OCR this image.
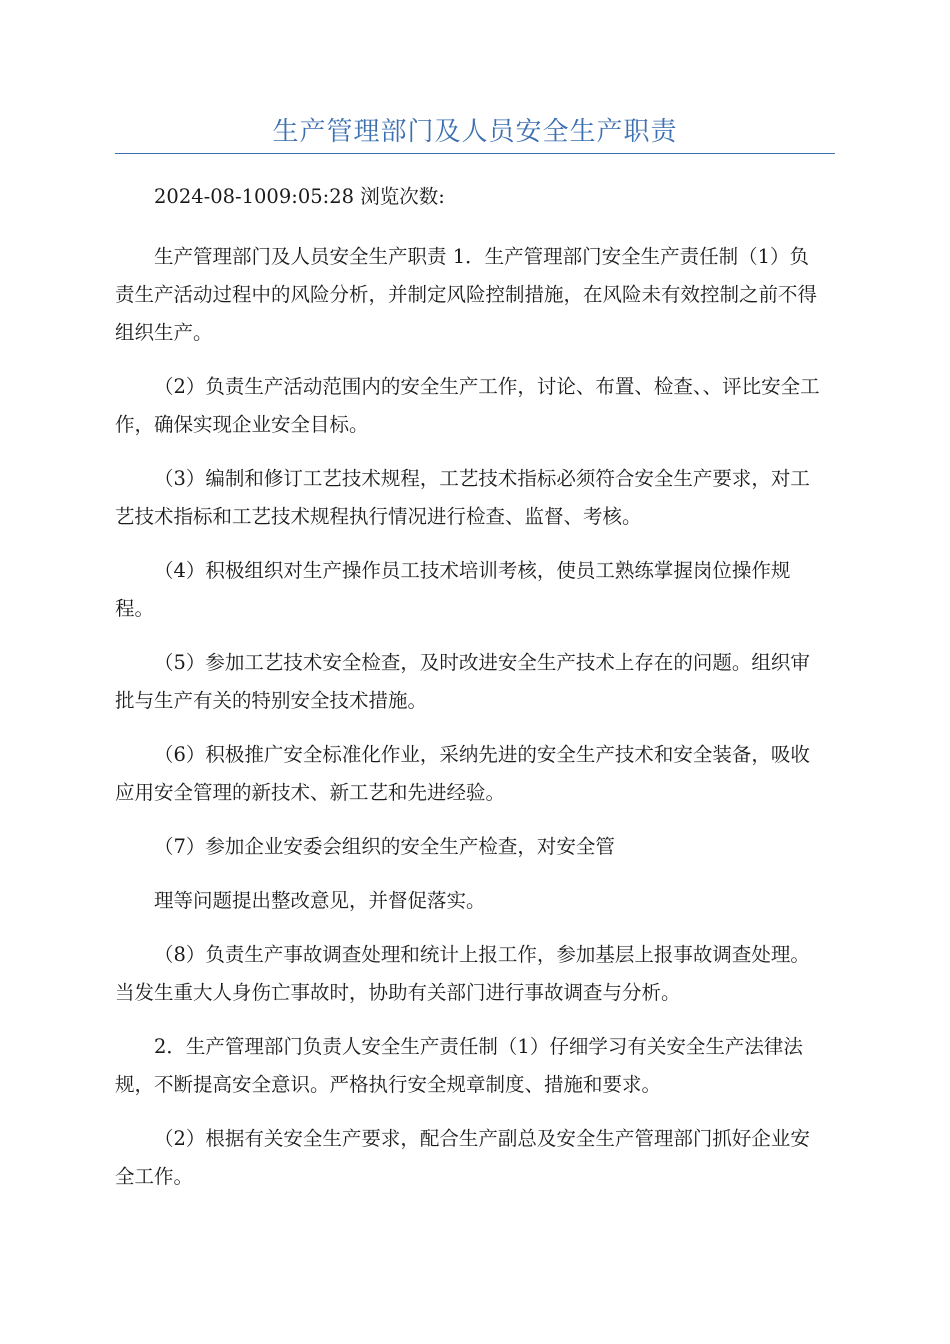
生产管理部门及人员安全生产职责

2024-08-1009:05:28 浏览次数:

生产管理部门及人员安全生产职责 1．生产管理部门安全生产责任制（1）负责生产活动过程中的风险分析，并制定风险控制措施，在风险未有效控制之前不得组织生产。

（2）负责生产活动范围内的安全生产工作，讨论、布置、检查、、评比安全工作，确保实现企业安全目标。

（3）编制和修订工艺技术规程，工艺技术指标必须符合安全生产要求，对工艺技术指标和工艺技术规程执行情况进行检查、监督、考核。

（4）积极组织对生产操作员工技术培训考核，使员工熟练掌握岗位操作规程。

（5）参加工艺技术安全检查，及时改进安全生产技术上存在的问题。组织审批与生产有关的特别安全技术措施。

（6）积极推广安全标准化作业，采纳先进的安全生产技术和安全装备，吸收应用安全管理的新技术、新工艺和先进经验。

（7）参加企业安委会组织的安全生产检查，对安全管

理等问题提出整改意见，并督促落实。

（8）负责生产事故调查处理和统计上报工作，参加基层上报事故调查处理。当发生重大人身伤亡事故时，协助有关部门进行事故调查与分析。

2．生产管理部门负责人安全生产责任制（1）仔细学习有关安全生产法律法规，不断提高安全意识。严格执行安全规章制度、措施和要求。

（2）根据有关安全生产要求，配合生产副总及安全生产管理部门抓好企业安全工作。
